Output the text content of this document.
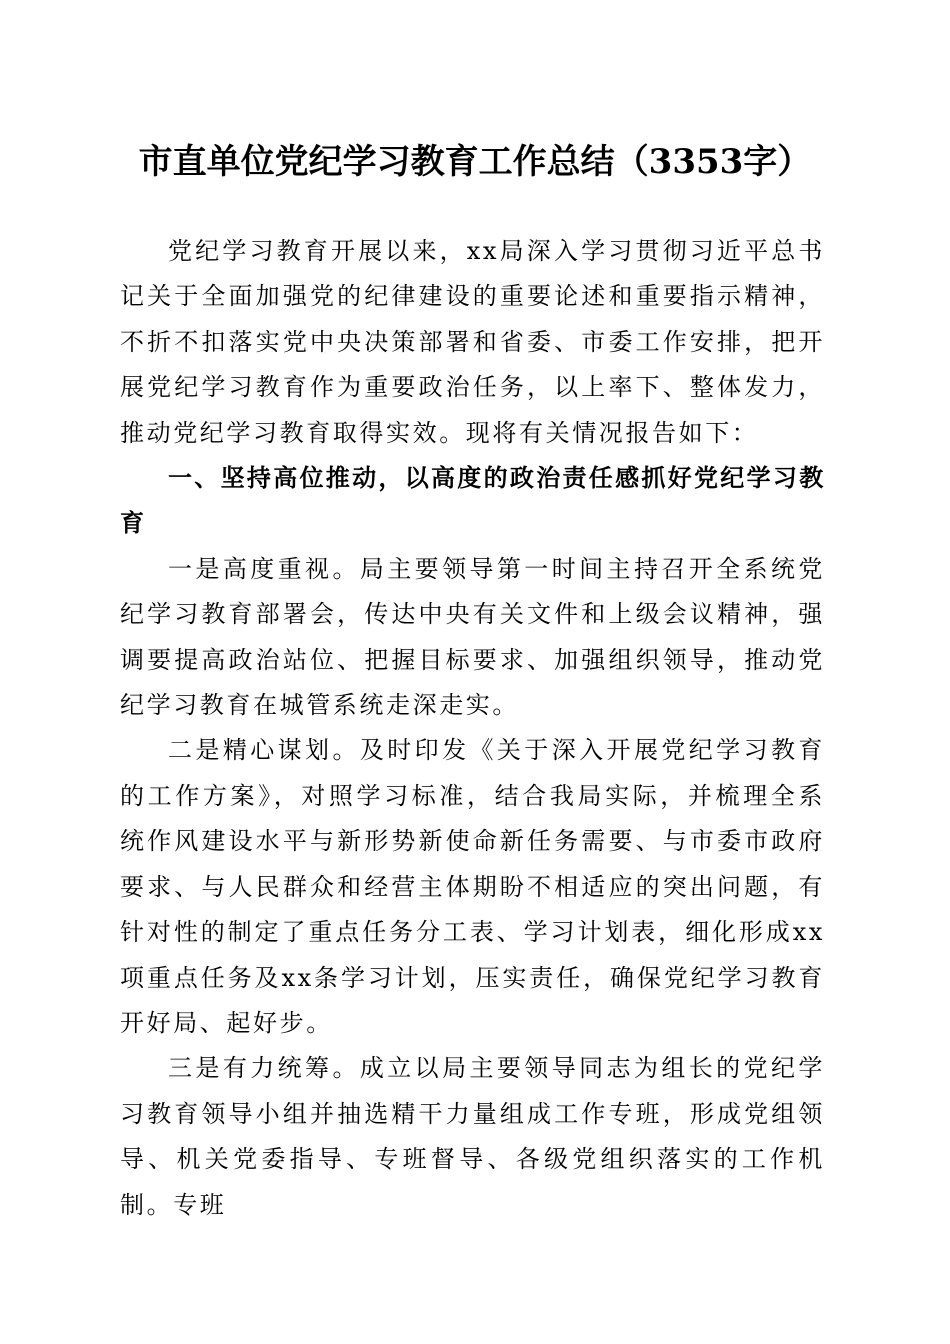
市直单位党纪学习教育工作总结（3353字）

党纪学习教育开展以来，xx局深入学习贯彻习近平总书记关于全面加强党的纪律建设的重要论述和重要指示精神，不折不扣落实党中央决策部署和省委、市委工作安排，把开展党纪学习教育作为重要政治任务，以上率下、整体发力，推动党纪学习教育取得实效。现将有关情况报告如下：

一、坚持高位推动，以高度的政治责任感抓好党纪学习教育

一是高度重视。局主要领导第一时间主持召开全系统党纪学习教育部署会，传达中央有关文件和上级会议精神，强调要提高政治站位、把握目标要求、加强组织领导，推动党纪学习教育在城管系统走深走实。

二是精心谋划。及时印发《关于深入开展党纪学习教育的工作方案》，对照学习标准，结合我局实际，并梳理全系统作风建设水平与新形势新使命新任务需要、与市委市政府要求、与人民群众和经营主体期盼不相适应的突出问题，有针对性的制定了重点任务分工表、学习计划表，细化形成xx项重点任务及xx条学习计划，压实责任，确保党纪学习教育开好局、起好步。

三是有力统筹。成立以局主要领导同志为组长的党纪学习教育领导小组并抽选精干力量组成工作专班，形成党组领导、机关党委指导、专班督导、各级党组织落实的工作机制。专班
